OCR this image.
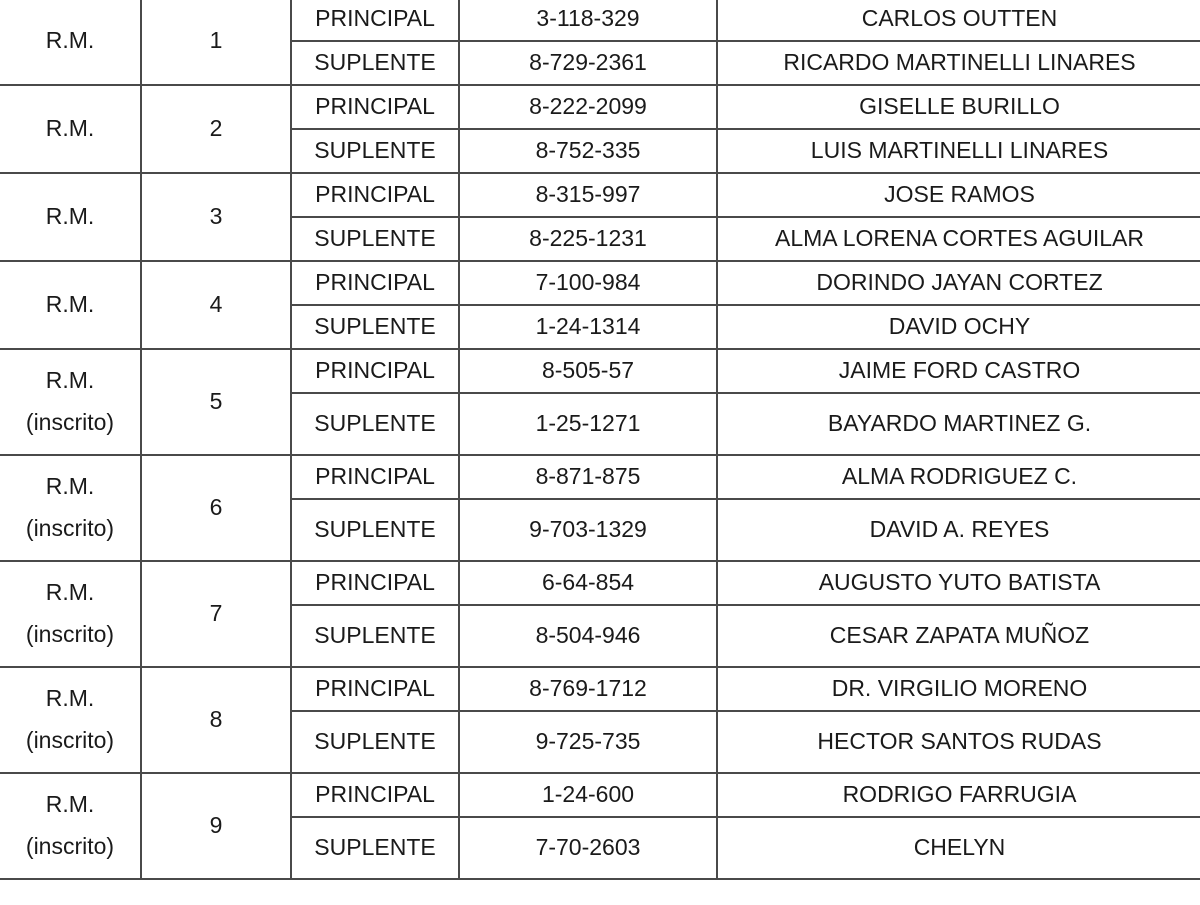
R.M.	1	PRINCIPAL	3-118-329	CARLOS OUTTEN
		SUPLENTE	8-729-2361	RICARDO MARTINELLI LINARES

R.M.	2	PRINCIPAL	8-222-2099	GISELLE BURILLO
		SUPLENTE	8-752-335	LUIS MARTINELLI LINARES

R.M.	3	PRINCIPAL	8-315-997	JOSE RAMOS
		SUPLENTE	8-225-1231	ALMA LORENA CORTES AGUILAR

R.M.	4	PRINCIPAL	7-100-984	DORINDO JAYAN CORTEZ
		SUPLENTE	1-24-1314	DAVID OCHY

R.M.
(inscrito)	5	PRINCIPAL	8-505-57	JAIME FORD CASTRO
		SUPLENTE	1-25-1271	BAYARDO MARTINEZ G.

R.M.
(inscrito)	6	PRINCIPAL	8-871-875	ALMA RODRIGUEZ C.
		SUPLENTE	9-703-1329	DAVID A. REYES

R.M.
(inscrito)	7	PRINCIPAL	6-64-854	AUGUSTO YUTO BATISTA
		SUPLENTE	8-504-946	CESAR ZAPATA MUÑOZ

R.M.
(inscrito)	8	PRINCIPAL	8-769-1712	DR. VIRGILIO MORENO
		SUPLENTE	9-725-735	HECTOR SANTOS RUDAS

R.M.
(inscrito)	9	PRINCIPAL	1-24-600	RODRIGO FARRUGIA
		SUPLENTE	7-70-2603	CHELYN
